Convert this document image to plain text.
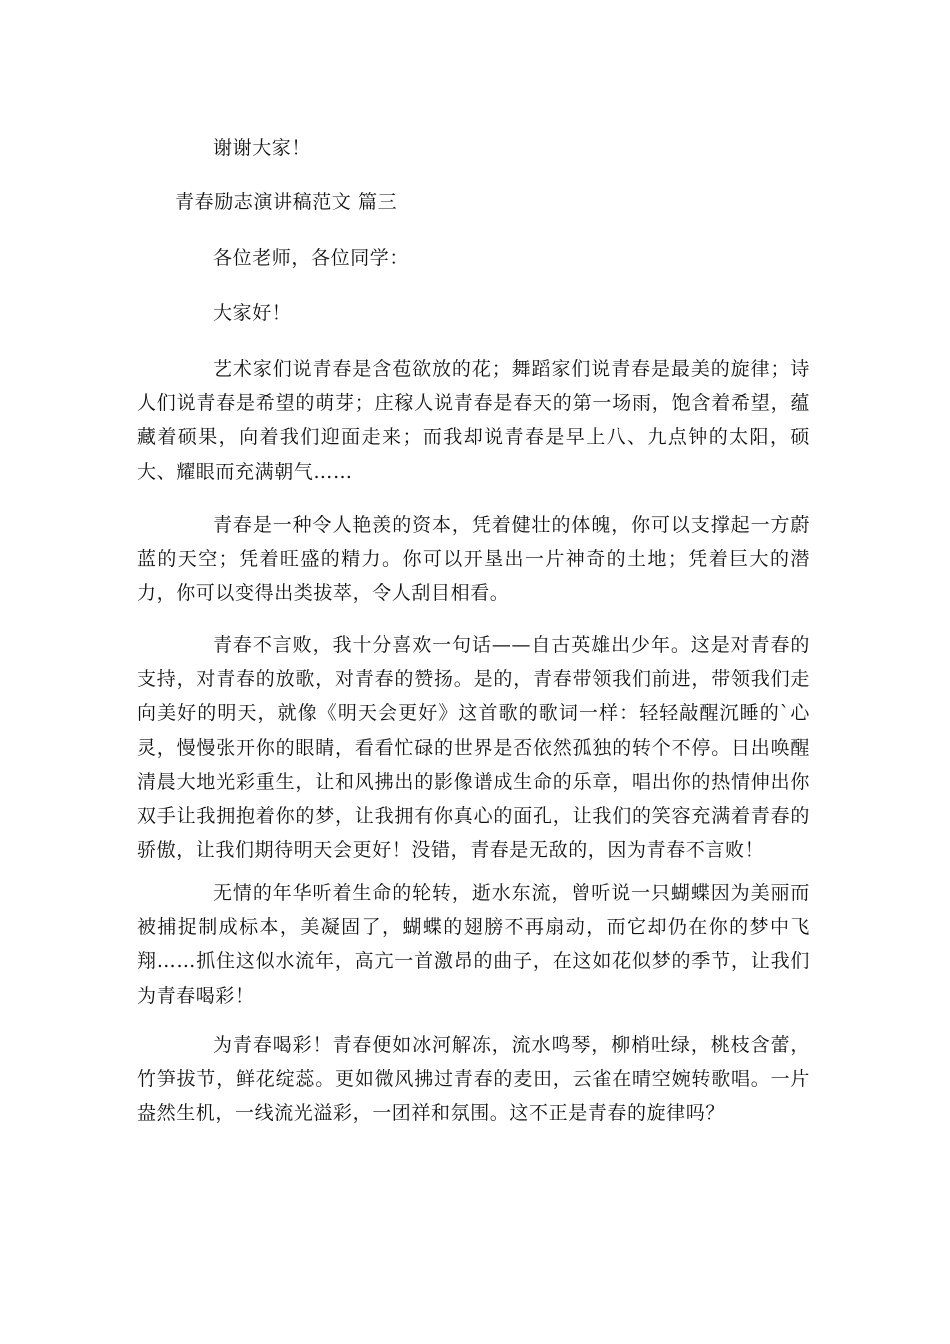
谢谢大家！

青春励志演讲稿范文 篇三

各位老师，各位同学：

大家好！

艺术家们说青春是含苞欲放的花；舞蹈家们说青春是最美的旋律；诗人们说青春是希望的萌芽；庄稼人说青春是春天的第一场雨，饱含着希望，蕴藏着硕果，向着我们迎面走来；而我却说青春是早上八、九点钟的太阳，硕大、耀眼而充满朝气……

青春是一种令人艳羡的资本，凭着健壮的体魄，你可以支撑起一方蔚蓝的天空；凭着旺盛的精力。你可以开垦出一片神奇的土地；凭着巨大的潜力，你可以变得出类拔萃，令人刮目相看。

青春不言败，我十分喜欢一句话——自古英雄出少年。这是对青春的支持，对青春的放歌，对青春的赞扬。是的，青春带领我们前进，带领我们走向美好的明天，就像《明天会更好》这首歌的歌词一样：轻轻敲醒沉睡的`心灵，慢慢张开你的眼睛，看看忙碌的世界是否依然孤独的转个不停。日出唤醒清晨大地光彩重生，让和风拂出的影像谱成生命的乐章，唱出你的热情伸出你双手让我拥抱着你的梦，让我拥有你真心的面孔，让我们的笑容充满着青春的骄傲，让我们期待明天会更好！没错，青春是无敌的，因为青春不言败！

无情的年华听着生命的轮转，逝水东流，曾听说一只蝴蝶因为美丽而被捕捉制成标本，美凝固了，蝴蝶的翅膀不再扇动，而它却仍在你的梦中飞翔……抓住这似水流年，高亢一首激昂的曲子，在这如花似梦的季节，让我们为青春喝彩！

为青春喝彩！青春便如冰河解冻，流水鸣琴，柳梢吐绿，桃枝含蕾，竹笋拔节，鲜花绽蕊。更如微风拂过青春的麦田，云雀在晴空婉转歌唱。一片盎然生机，一线流光溢彩，一团祥和氛围。这不正是青春的旋律吗？
